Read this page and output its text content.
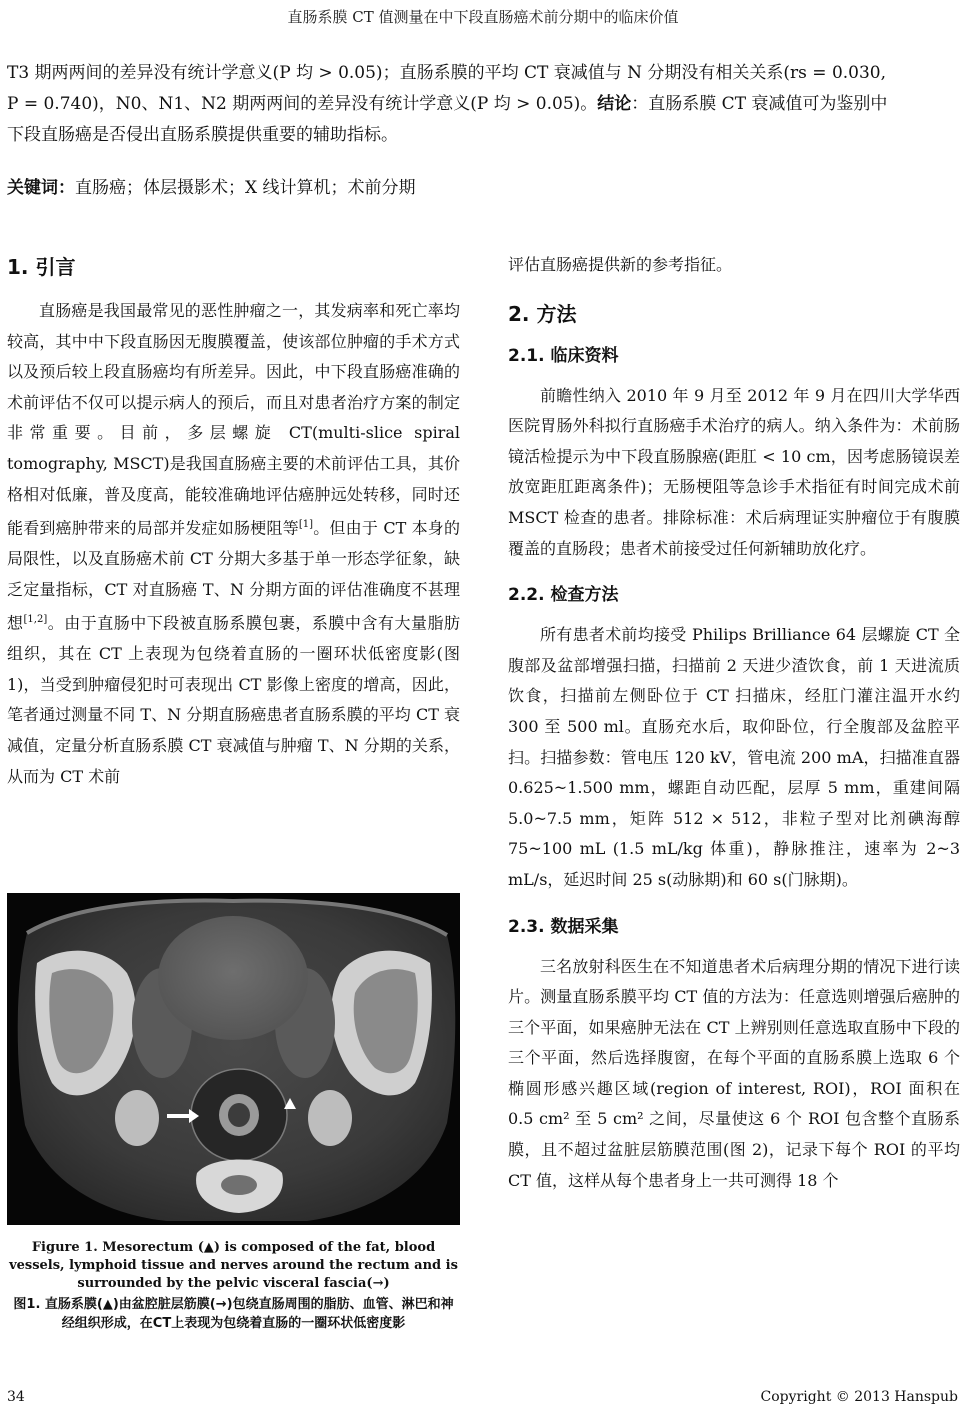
直肠系膜 CT 值测量在中下段直肠癌术前分期中的临床价值

T3 期两两间的差异没有统计学意义(P 均 > 0.05)；直肠系膜的平均 CT 衰减值与 N 分期没有相关关系(rs = 0.030,

P = 0.740)，N0、N1、N2 期两两间的差异没有统计学意义(P 均 > 0.05)。结论：直肠系膜 CT 衰减值可为鉴别中

下段直肠癌是否侵出直肠系膜提供重要的辅助指标。

关键词：直肠癌；体层摄影术；X 线计算机；术前分期
1. 引言

直肠癌是我国最常见的恶性肿瘤之一，其发病率和死亡率均较高，其中中下段直肠因无腹膜覆盖，使该部位肿瘤的手术方式以及预后较上段直肠癌均有所差异。因此，中下段直肠癌准确的术前评估不仅可以提示病人的预后，而且对患者治疗方案的制定非常重要。目前，多层螺旋 CT(multi-slice spiral tomography, MSCT)是我国直肠癌主要的术前评估工具，其价格相对低廉，普及度高，能较准确地评估癌肿远处转移，同时还能看到癌肿带来的局部并发症如肠梗阻等[1]。但由于 CT 本身的局限性，以及直肠癌术前 CT 分期大多基于单一形态学征象，缺乏定量指标，CT 对直肠癌 T、N 分期方面的评估准确度不甚理想[1,2]。由于直肠中下段被直肠系膜包裹，系膜中含有大量脂肪组织，其在 CT 上表现为包绕着直肠的一圈环状低密度影(图 1)，当受到肿瘤侵犯时可表现出 CT 影像上密度的增高，因此，笔者通过测量不同 T、N 分期直肠癌患者直肠系膜的平均 CT 衰减值，定量分析直肠系膜 CT 衰减值与肿瘤 T、N 分期的关系，从而为 CT 术前

Figure 1. Mesorectum (▲) is composed of the fat, blood vessels, lymphoid tissue and nerves around the rectum and is surrounded by the pelvic visceral fascia(→)

图1. 直肠系膜(▲)由盆腔脏层筋膜(→)包绕直肠周围的脂肪、血管、淋巴和神经组织形成，在CT上表现为包绕着直肠的一圈环状低密度影

评估直肠癌提供新的参考指征。

2. 方法
2.1. 临床资料

前瞻性纳入 2010 年 9 月至 2012 年 9 月在四川大学华西医院胃肠外科拟行直肠癌手术治疗的病人。纳入条件为：术前肠镜活检提示为中下段直肠腺癌(距肛 < 10 cm，因考虑肠镜误差放宽距肛距离条件)；无肠梗阻等急诊手术指征有时间完成术前 MSCT 检查的患者。排除标准：术后病理证实肿瘤位于有腹膜覆盖的直肠段；患者术前接受过任何新辅助放化疗。

2.2. 检查方法

所有患者术前均接受 Philips Brilliance 64 层螺旋 CT 全腹部及盆部增强扫描，扫描前 2 天进少渣饮食，前 1 天进流质饮食，扫描前左侧卧位于 CT 扫描床，经肛门灌注温开水约 300 至 500 ml。直肠充水后，取仰卧位，行全腹部及盆腔平扫。扫描参数：管电压 120 kV，管电流 200 mA，扫描准直器 0.625~1.500 mm，螺距自动匹配，层厚 5 mm，重建间隔 5.0~7.5 mm，矩阵 512 × 512，非粒子型对比剂碘海醇 75~100 mL (1.5 mL/kg 体重)，静脉推注，速率为 2~3 mL/s，延迟时间 25 s(动脉期)和 60 s(门脉期)。

2.3. 数据采集

三名放射科医生在不知道患者术后病理分期的情况下进行读片。测量直肠系膜平均 CT 值的方法为：任意选则增强后癌肿的三个平面，如果癌肿无法在 CT 上辨别则任意选取直肠中下段的三个平面，然后选择腹窗，在每个平面的直肠系膜上选取 6 个椭圆形感兴趣区域(region of interest, ROI)，ROI 面积在 0.5 cm² 至 5 cm² 之间，尽量使这 6 个 ROI 包含整个直肠系膜，且不超过盆脏层筋膜范围(图 2)，记录下每个 ROI 的平均 CT 值，这样从每个患者身上一共可测得 18 个

34	Copyright © 2013 Hanspub
